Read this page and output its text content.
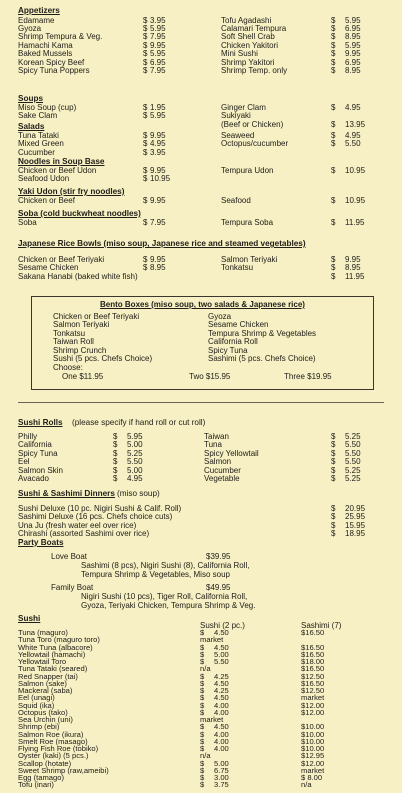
Appetizers
Edamame	$ 3.95	Tofu Agadashi	$ 5.95
Gyoza	$ 5.95	Calamari Tempura	$ 6.95
Shrimp Tempura & Veg.	$ 7.95	Soft Shell Crab	$ 8.95
Hamachi Kama	$ 9.95	Chicken Yakitori	$ 5.95
Baked Mussels	$ 5.95	Mini Sushi	$ 9.95
Korean Spicy Beef	$ 6.95	Shrimp Yakitori	$ 6.95
Spicy Tuna Poppers	$ 7.95	Shrimp Temp. only	$ 8.95
Soups
Miso Soup (cup)	$ 1.95	Ginger Clam	$ 4.95
Sake Clam	$ 5.95	Sukiyaki
(Beef or Chicken)	$ 13.95
Salads
Tuna Tataki	$ 9.95	Seaweed	$ 4.95
Mixed Green	$ 4.95	Octopus/cucumber	$ 5.50
Cucumber	$ 3.95
Noodles in Soup Base
Chicken or Beef Udon	$ 9.95	Tempura Udon	$ 10.95
Seafood Udon	$ 10.95
Yaki Udon (stir fry noodles)
Chicken or Beef	$ 9.95	Seafood	$ 10.95
Soba (cold buckwheat noodles)
Soba	$ 7.95	Tempura Soba	$ 11.95
Japanese Rice Bowls (miso soup, Japanese rice and steamed vegetables)
Chicken or Beef Teriyaki	$ 9.95	Salmon Teriyaki	$ 9.95
Sesame Chicken	$ 8.95	Tonkatsu	$ 8.95
Sakana Hanabi (baked white fish)	$ 11.95
Bento Boxes (miso soup, two salads & Japanese rice)
Chicken or Beef Teriyaki
Salmon Teriyaki
Tonkatsu
Taiwan Roll
Shrimp Crunch
Sushi (5 pcs. Chefs Choice)
Gyoza
Sesame Chicken
Tempura Shrimp & Vegetables
California Roll
Spicy Tuna
Sashimi (5 pcs. Chefs Choice)
Choose:
One $11.95	Two $15.95	Three $19.95
Sushi Rolls (please specify if hand roll or cut roll)
Philly	$ 5.95	Taiwan	$ 5.25
California	$ 5.00	Tuna	$ 5.50
Spicy Tuna	$ 5.25	Spicy Yellowtail	$ 5.50
Eel	$ 5.50	Salmon	$ 5.50
Salmon Skin	$ 5.00	Cucumber	$ 5.25
Avacado	$ 4.95	Vegetable	$ 5.25
Sushi & Sashimi Dinners (miso soup)
Sushi Deluxe (10 pc. Nigiri Sushi & Calif. Roll)	$ 20.95
Sashimi Deluxe (16 pcs. Chefs choice cuts)	$ 25.95
Una Ju (fresh water eel over rice)	$ 15.95
Chirashi (assorted Sashimi over rice)	$ 18.95
Party Boats
Love Boat	$39.95
Sashimi (8 pcs), Nigiri Sushi (8), California Roll,
Tempura Shrimp & Vegetables, Miso soup
Family Boat	$49.95
Nigiri Sushi (10 pcs), Tiger Roll, California Roll,
Gyoza, Teriyaki Chicken, Tempura Shrimp & Veg.
Sushi
Sushi (2 pc.)	Sashimi (7)
Tuna (maguro)	$ 4.50	$16.50
Tuna Toro (maguro toro)	market
White Tuna (albacore)	$ 4.50	$16.50
Yellowtail (hamachi)	$ 5.00	$16.50
Yellowtail Toro	$ 5.50	$18.00
Tuna Tataki (seared)	n/a	$16.50
Red Snapper (tai)	$ 4.25	$12.50
Salmon (sake)	$ 4.50	$16.50
Mackeral (saba)	$ 4.25	$12.50
Eel (unagi)	$ 4.50	market
Squid (ika)	$ 4.00	$12.00
Octopus (tako)	$ 4.00	$12.00
Sea Urchin (uni)	market
Shrimp (ebi)	$ 4.50	$10.00
Salmon Roe (ikura)	$ 4.00	$10.00
Smelt Roe (masago)	$ 4.00	$10.00
Flying Fish Roe (tobiko)	$ 4.00	$10.00
Oyster (kaki) (5 pcs.)	n/a	$12.95
Scallop (hotate)	$ 5.00	$12.00
Sweet Shrimp (raw,ameibi)	$ 6.75	market
Egg (tamago)	$ 3.00	$ 8.00
Tofu (inari)	$ 3.75	n/a
